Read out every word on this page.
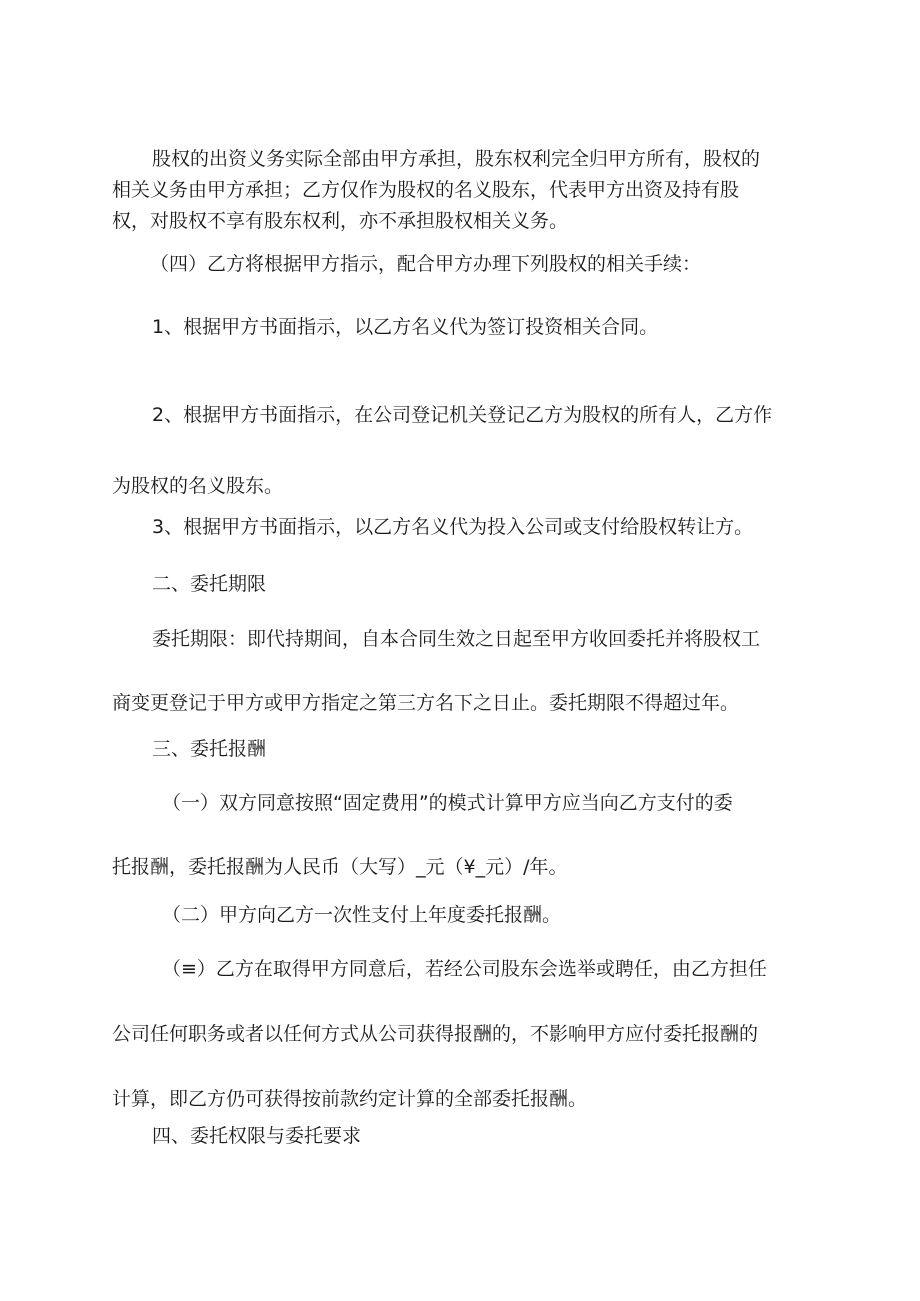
股权的出资义务实际全部由甲方承担，股东权利完全归甲方所有，股权的
相关义务由甲方承担；乙方仅作为股权的名义股东，代表甲方出资及持有股
权，对股权不享有股东权利，亦不承担股权相关义务。
（四）乙方将根据甲方指示，配合甲方办理下列股权的相关手续：
1、根据甲方书面指示，以乙方名义代为签订投资相关合同。
2、根据甲方书面指示，在公司登记机关登记乙方为股权的所有人，乙方作
为股权的名义股东。
3、根据甲方书面指示，以乙方名义代为投入公司或支付给股权转让方。
二、委托期限
委托期限：即代持期间，自本合同生效之日起至甲方收回委托并将股权工
商变更登记于甲方或甲方指定之第三方名下之日止。委托期限不得超过年。
三、委托报酬
（一）双方同意按照“固定费用”的模式计算甲方应当向乙方支付的委
托报酬，委托报酬为人民币（大写）_元（¥_元）/年。
（二）甲方向乙方一次性支付上年度委托报酬。
（≡）乙方在取得甲方同意后，若经公司股东会选举或聘任，由乙方担任
公司任何职务或者以任何方式从公司获得报酬的，不影响甲方应付委托报酬的
计算，即乙方仍可获得按前款约定计算的全部委托报酬。
四、委托权限与委托要求
